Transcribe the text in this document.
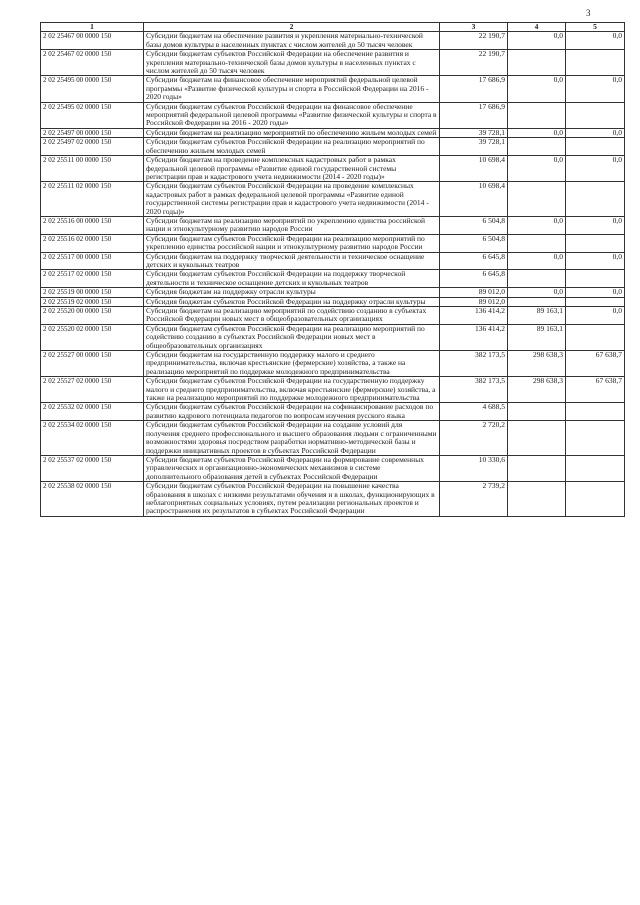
3
1	2	3	4	5
2 02 25467 00 0000 150	Субсидии бюджетам на обеспечение развития и укрепления материально-технической базы домов культуры в населенных пунктах с числом жителей до 50 тысяч человек	22 190,7	0,0	0,0
2 02 25467 02 0000 150	Субсидии бюджетам субъектов Российской Федерации на обеспечение развития и укрепления материально-технической базы домов культуры в населенных пунктах с числом жителей до 50 тысяч человек	22 190,7		
2 02 25495 00 0000 150	Субсидии бюджетам на финансовое обеспечение мероприятий федеральной целевой программы «Развитие физической культуры и спорта в Российской Федерации на 2016 - 2020 годы»	17 686,9	0,0	0,0
2 02 25495 02 0000 150	Субсидии бюджетам субъектов Российской Федерации на финансовое обеспечение мероприятий федеральной целевой программы «Развитие физической культуры и спорта в Российской Федерации на 2016 - 2020 годы»	17 686,9		
2 02 25497 00 0000 150	Субсидии бюджетам на реализацию мероприятий по обеспечению жильем молодых семей	39 728,1	0,0	0,0
2 02 25497 02 0000 150	Субсидии бюджетам субъектов Российской Федерации на реализацию мероприятий по обеспечению жильем молодых семей	39 728,1		
2 02 25511 00 0000 150	Субсидии бюджетам на проведение комплексных кадастровых работ в рамках федеральной целевой программы «Развитие единой государственной системы регистрации прав и кадастрового учета недвижимости (2014 - 2020 годы)»	10 698,4	0,0	0,0
2 02 25511 02 0000 150	Субсидии бюджетам субъектов Российской Федерации на проведение комплексных кадастровых работ в рамках федеральной целевой программы «Развитие единой государственной системы регистрации прав и кадастрового учета недвижимости (2014 - 2020 годы)»	10 698,4		
2 02 25516 00 0000 150	Субсидии бюджетам на реализацию мероприятий по укреплению единства российской нации и этнокультурному развитию народов России	6 504,8	0,0	0,0
2 02 25516 02 0000 150	Субсидии бюджетам субъектов Российской Федерации на реализацию мероприятий по укреплению единства российской нации и этнокультурному развитию народов России	6 504,8		
2 02 25517 00 0000 150	Субсидии бюджетам на поддержку творческой деятельности и техническое оснащение детских и кукольных театров	6 645,8	0,0	0,0
2 02 25517 02 0000 150	Субсидии бюджетам субъектов Российской Федерации на поддержку творческой деятельности и техническое оснащение детских и кукольных театров	6 645,8		
2 02 25519 00 0000 150	Субсидия бюджетам на поддержку отрасли культуры	89 012,0	0,0	0,0
2 02 25519 02 0000 150	Субсидия бюджетам субъектов Российской Федерации на поддержку отрасли культуры	89 012,0		
2 02 25520 00 0000 150	Субсидии бюджетам на реализацию мероприятий по содействию созданию в субъектах Российской Федерации новых мест в общеобразовательных организациях	136 414,2	89 163,1	0,0
2 02 25520 02 0000 150	Субсидии бюджетам субъектов Российской Федерации на реализацию мероприятий по содействию созданию в субъектах Российской Федерации новых мест в общеобразовательных организациях	136 414,2	89 163,1	
2 02 25527 00 0000 150	Субсидии бюджетам на государственную поддержку малого и среднего предпринимательства, включая крестьянские (фермерские) хозяйства, а также на реализацию мероприятий по поддержке молодежного предпринимательства	382 173,5	298 638,3	67 638,7
2 02 25527 02 0000 150	Субсидии бюджетам субъектов Российской Федерации на государственную поддержку малого и среднего предпринимательства, включая крестьянские (фермерские) хозяйства, а также на реализацию мероприятий по поддержке молодежного предпринимательства	382 173,5	298 638,3	67 638,7
2 02 25532 02 0000 150	Субсидии бюджетам субъектов Российской Федерации на софинансирование расходов по развитию кадрового потенциала педагогов по вопросам изучения русского языка	4 688,5		
2 02 25534 02 0000 150	Субсидии бюджетам субъектов Российской Федерации на создание условий для получения среднего профессионального и высшего образования людьми с ограниченными возможностями здоровья посредством разработки нормативно-методической базы и поддержки инициативных проектов в субъектах Российской Федерации	2 720,2		
2 02 25537 02 0000 150	Субсидии бюджетам субъектов Российской Федерации на формирование современных управленческих и организационно-экономических механизмов в системе дополнительного образования детей в субъектах Российской Федерации	10 330,6		
2 02 25538 02 0000 150	Субсидии бюджетам субъектов Российской Федерации на повышение качества образования в школах с низкими результатами обучения и в школах, функционирующих в неблагоприятных социальных условиях, путем реализации региональных проектов и распространения их результатов в субъектах Российской Федерации	2 739,2		
